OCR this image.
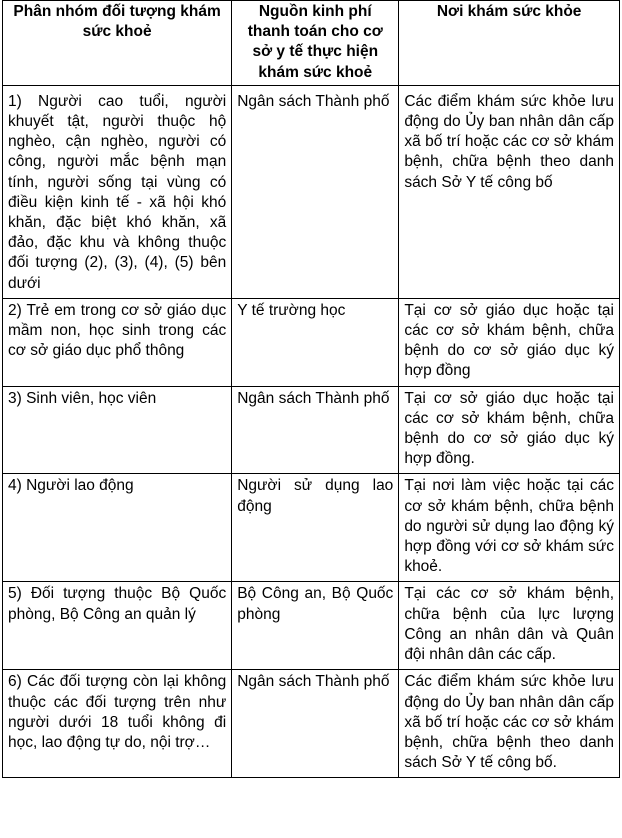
Phân nhóm đối tượng khám sức khoẻ	Nguồn kinh phí thanh toán cho cơ sở y tế thực hiện khám sức khoẻ	Nơi khám sức khỏe
1) Người cao tuổi, người khuyết tật, người thuộc hộ nghèo, cận nghèo, người có công, người mắc bệnh mạn tính, người sống tại vùng có điều kiện kinh tế - xã hội khó khăn, đặc biệt khó khăn, xã đảo, đặc khu và không thuộc đối tượng (2), (3), (4), (5) bên dưới	Ngân sách Thành phố	Các điểm khám sức khỏe lưu động do Ủy ban nhân dân cấp xã bố trí hoặc các cơ sở khám bệnh, chữa bệnh theo danh sách Sở Y tế công bố
2) Trẻ em trong cơ sở giáo dục mầm non, học sinh trong các cơ sở giáo dục phổ thông	Y tế trường học	Tại cơ sở giáo dục hoặc tại các cơ sở khám bệnh, chữa bệnh do cơ sở giáo dục ký hợp đồng
3) Sinh viên, học viên	Ngân sách Thành phố	Tại cơ sở giáo dục hoặc tại các cơ sở khám bệnh, chữa bệnh do cơ sở giáo dục ký hợp đồng.
4) Người lao động	Người sử dụng lao động	Tại nơi làm việc hoặc tại các cơ sở khám bệnh, chữa bệnh do người sử dụng lao động ký hợp đồng với cơ sở khám sức khoẻ.
5) Đối tượng thuộc Bộ Quốc phòng, Bộ Công an quản lý	Bộ Công an, Bộ Quốc phòng	Tại các cơ sở khám bệnh, chữa bệnh của lực lượng Công an nhân dân và Quân đội nhân dân các cấp.
6) Các đối tượng còn lại không thuộc các đối tượng trên như người dưới 18 tuổi không đi học, lao động tự do, nội trợ…	Ngân sách Thành phố	Các điểm khám sức khỏe lưu động do Ủy ban nhân dân cấp xã bố trí hoặc các cơ sở khám bệnh, chữa bệnh theo danh sách Sở Y tế công bố.
